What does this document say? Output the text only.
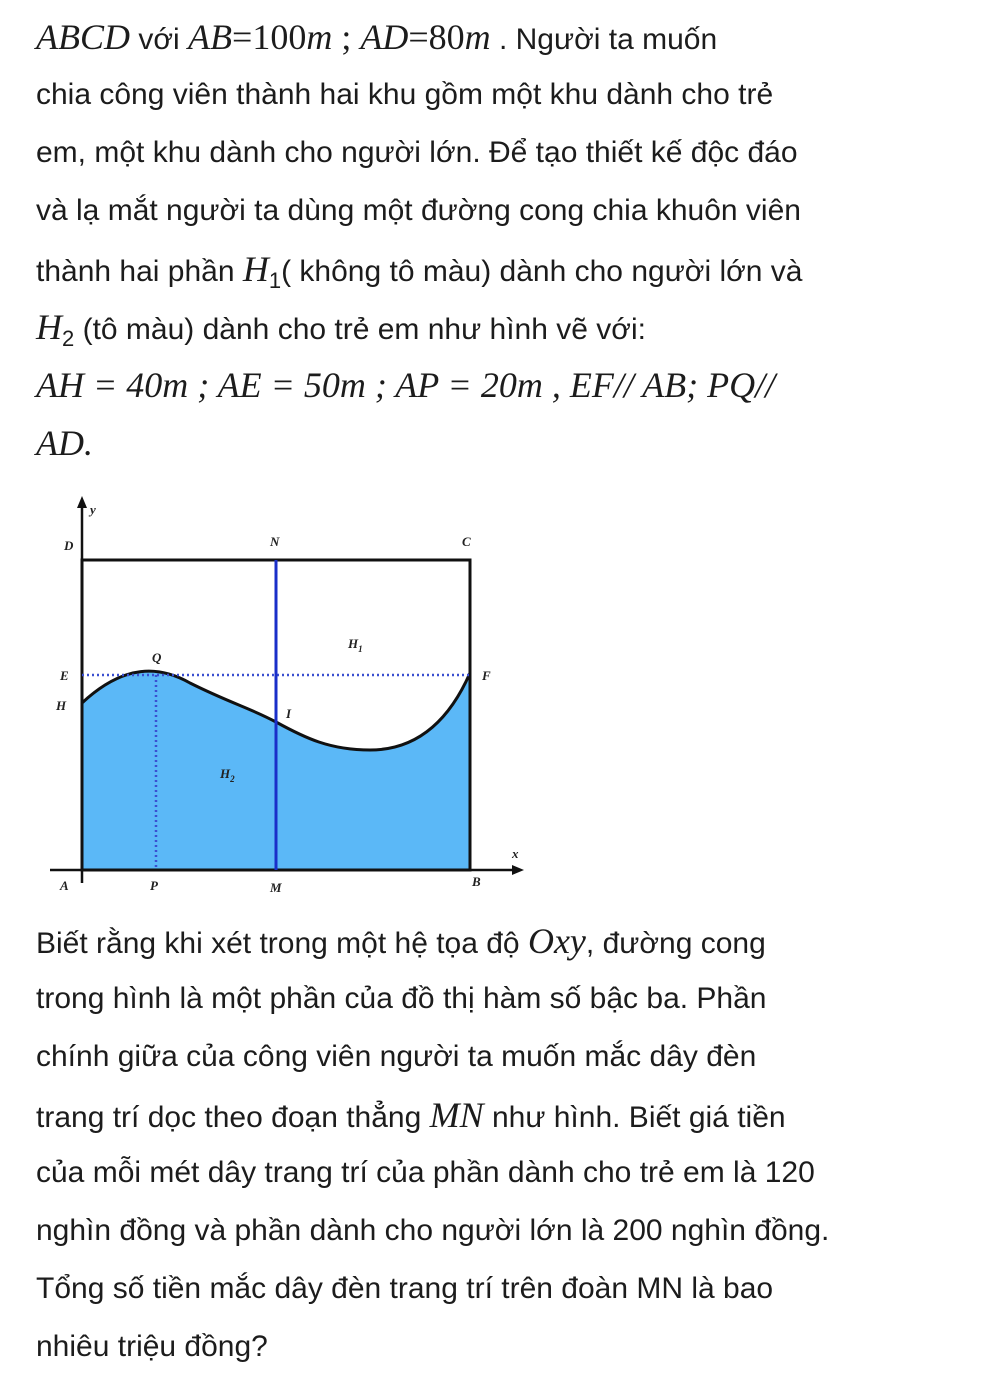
ABCD với AB=100m ; AD=80m . Người ta muốn
chia công viên thành hai khu gồm một khu dành cho trẻ
em, một khu dành cho người lớn. Để tạo thiết kế độc đáo
và lạ mắt người ta dùng một đường cong chia khuôn viên
thành hai phần $H_1$( không tô màu) dành cho người lớn và
$H_2$ (tô màu) dành cho trẻ em như hình vẽ với:
AH = 40m ; AE = 50m ; AP = 20m , EF// AB; PQ//
AD.
y
D	N	C
E
H
F
Q
I
$H_1$
$H_2$
x
A	P	M	B
Biết rằng khi xét trong một hệ tọa độ Oxy, đường cong
trong hình là một phần của đồ thị hàm số bậc ba. Phần
chính giữa của công viên người ta muốn mắc dây đèn
trang trí dọc theo đoạn thẳng MN như hình. Biết giá tiền
của mỗi mét dây trang trí của phần dành cho trẻ em là 120
nghìn đồng và phần dành cho người lớn là 200 nghìn đồng.
Tổng số tiền mắc dây đèn trang trí trên đoàn MN là bao
nhiêu triệu đồng?
